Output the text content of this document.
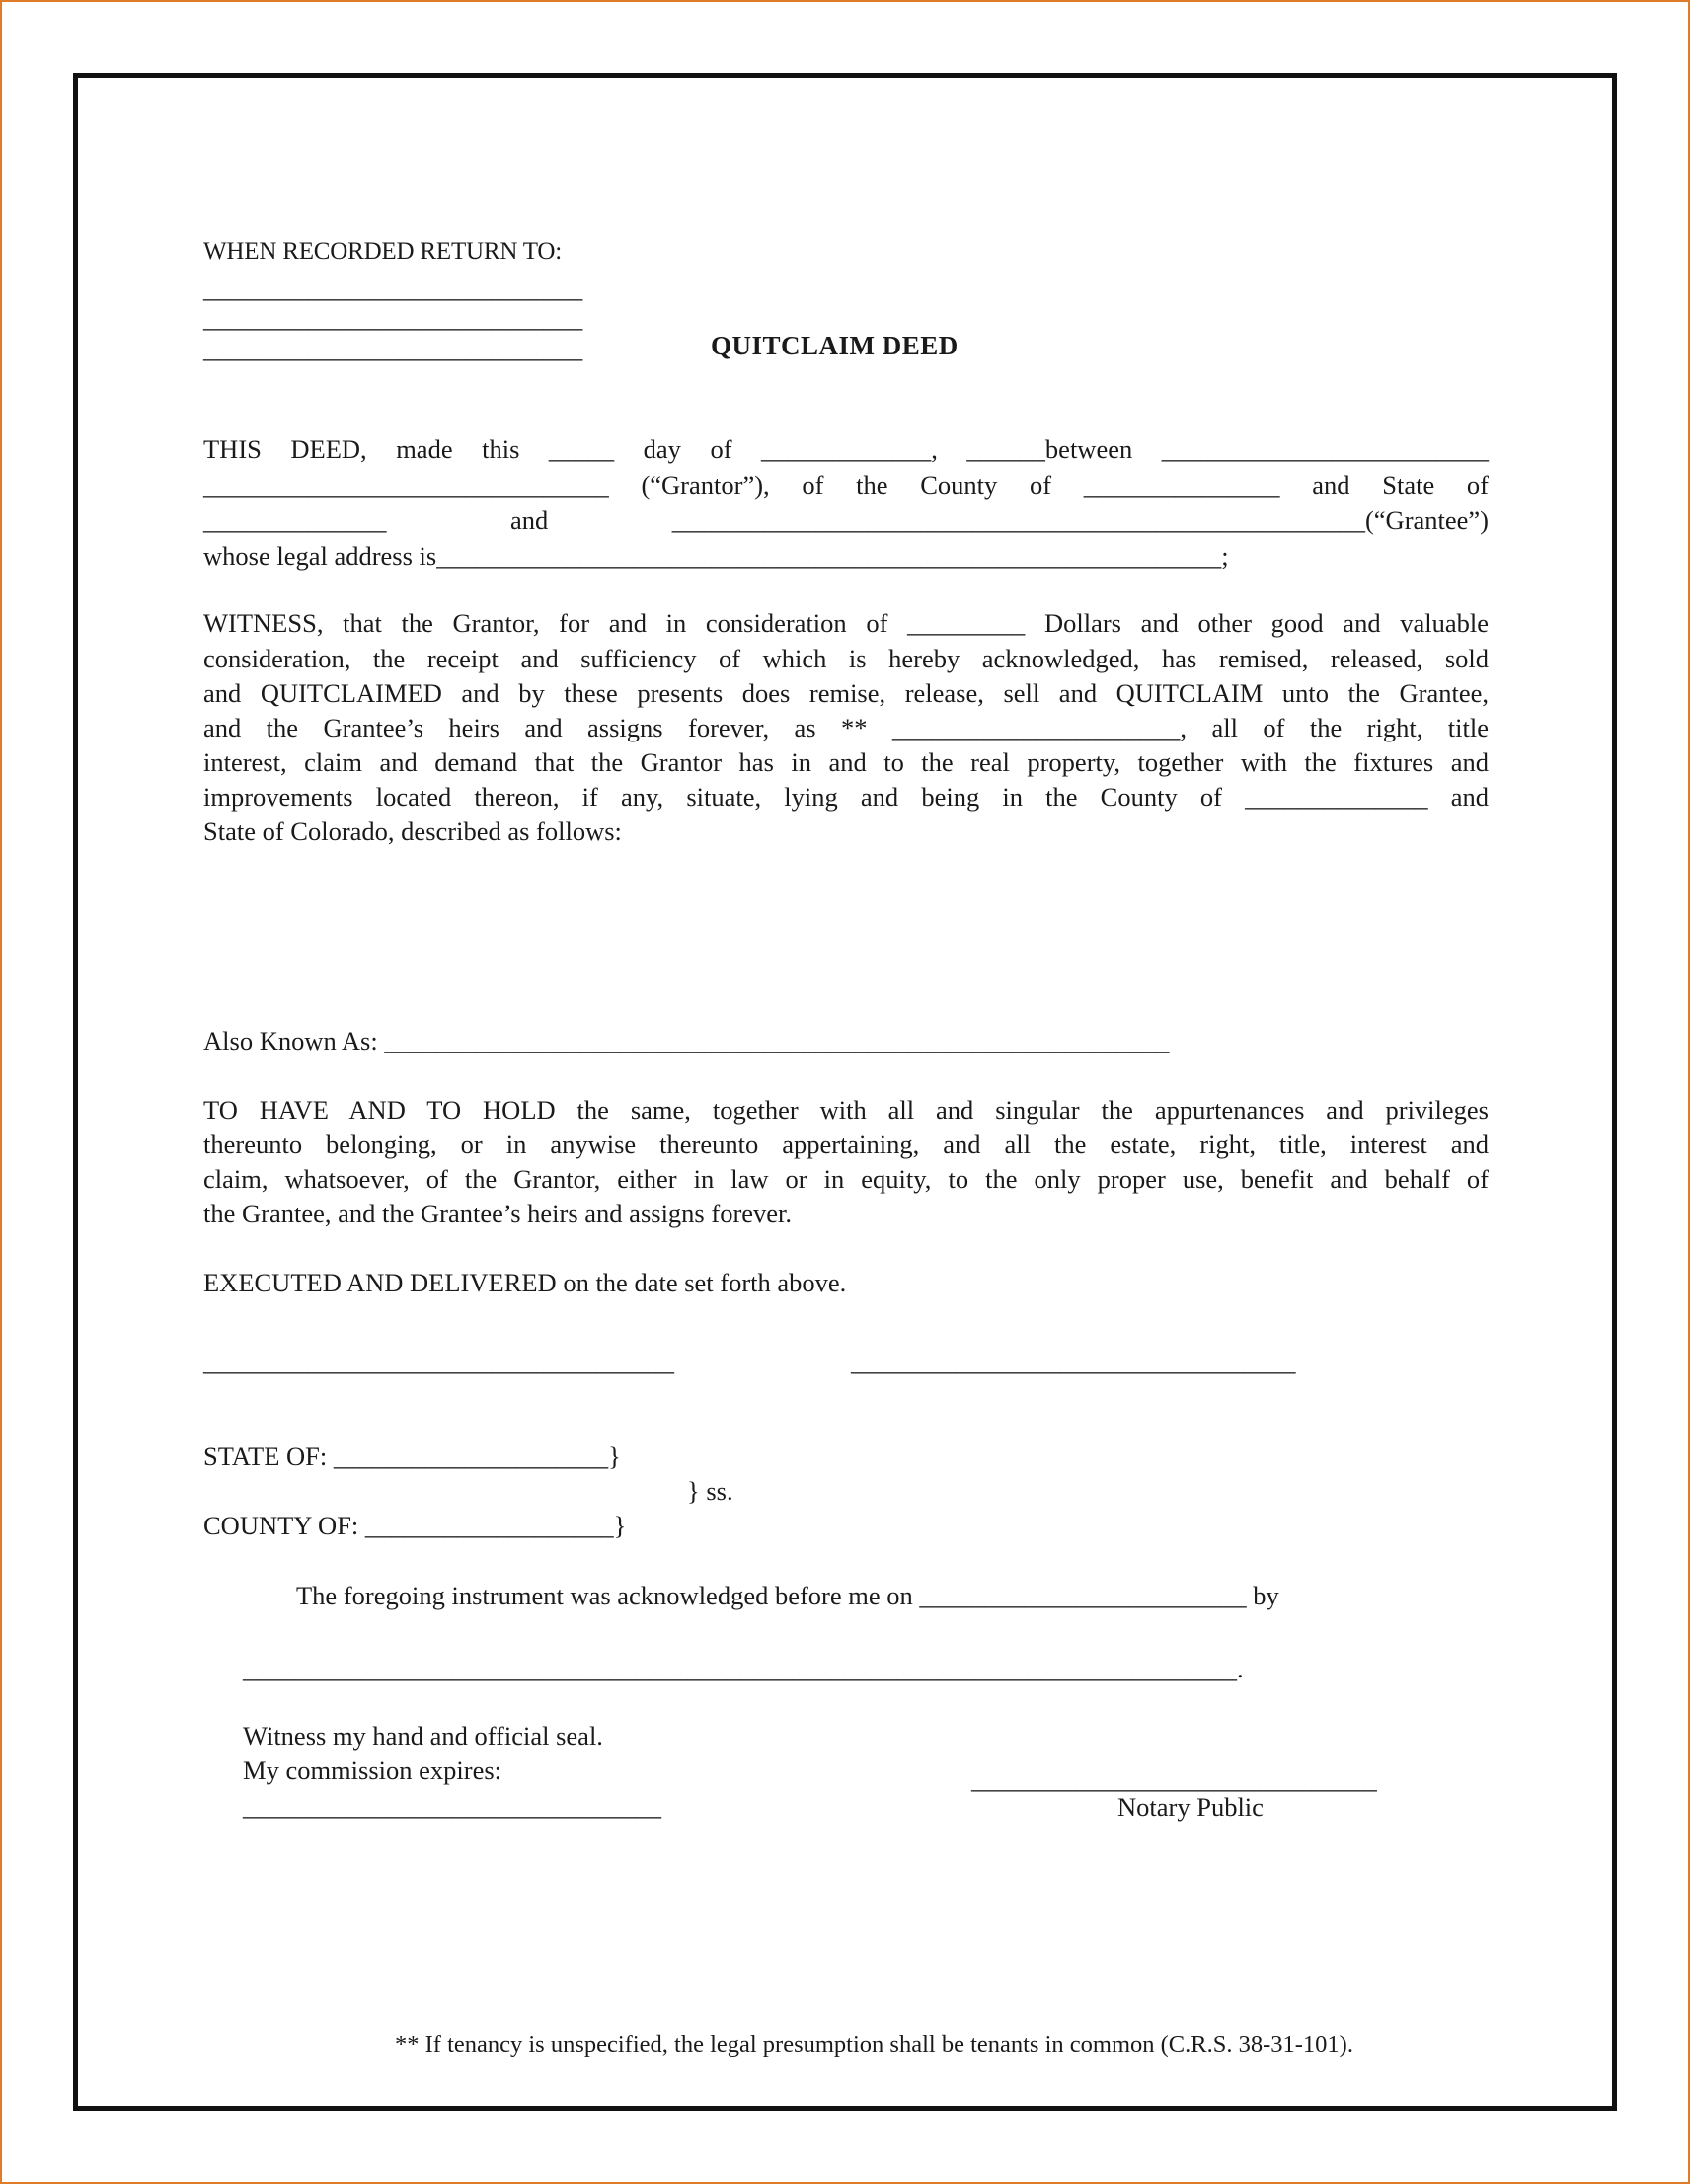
WHEN RECORDED RETURN TO:
_____________________________
_____________________________
_____________________________	QUITCLAIM DEED
THIS DEED, made this _____ day of _____________, ______between _________________________
_______________________________ (“Grantor”), of the County of _______________ and State of
______________ and _____________________________________________________(“Grantee”)
whose legal address is____________________________________________________________;
WITNESS, that the Grantor, for and in consideration of _________ Dollars and other good and valuable
consideration, the receipt and sufficiency of which is hereby acknowledged, has remised, released, sold
and QUITCLAIMED and by these presents does remise, release, sell and QUITCLAIM unto the Grantee,
and the Grantee’s heirs and assigns forever, as ** ______________________, all of the right, title
interest, claim and demand that the Grantor has in and to the real property, together with the fixtures and
improvements located thereon, if any, situate, lying and being in the County of ______________ and
State of Colorado, described as follows:
Also Known As: ____________________________________________________________
TO HAVE AND TO HOLD the same, together with all and singular the appurtenances and privileges
thereunto belonging, or in anywise thereunto appertaining, and all the estate, right, title, interest and
claim, whatsoever, of the Grantor, either in law or in equity, to the only proper use, benefit and behalf of
the Grantee, and the Grantee’s heirs and assigns forever.
EXECUTED AND DELIVERED on the date set forth above.
____________________________________	__________________________________
STATE OF: _____________________}
} ss.
COUNTY OF: ___________________}
The foregoing instrument was acknowledged before me on _________________________ by
____________________________________________________________________________.
Witness my hand and official seal.
My commission expires:
________________________________
_______________________________
Notary Public
** If tenancy is unspecified, the legal presumption shall be tenants in common (C.R.S. 38-31-101).
